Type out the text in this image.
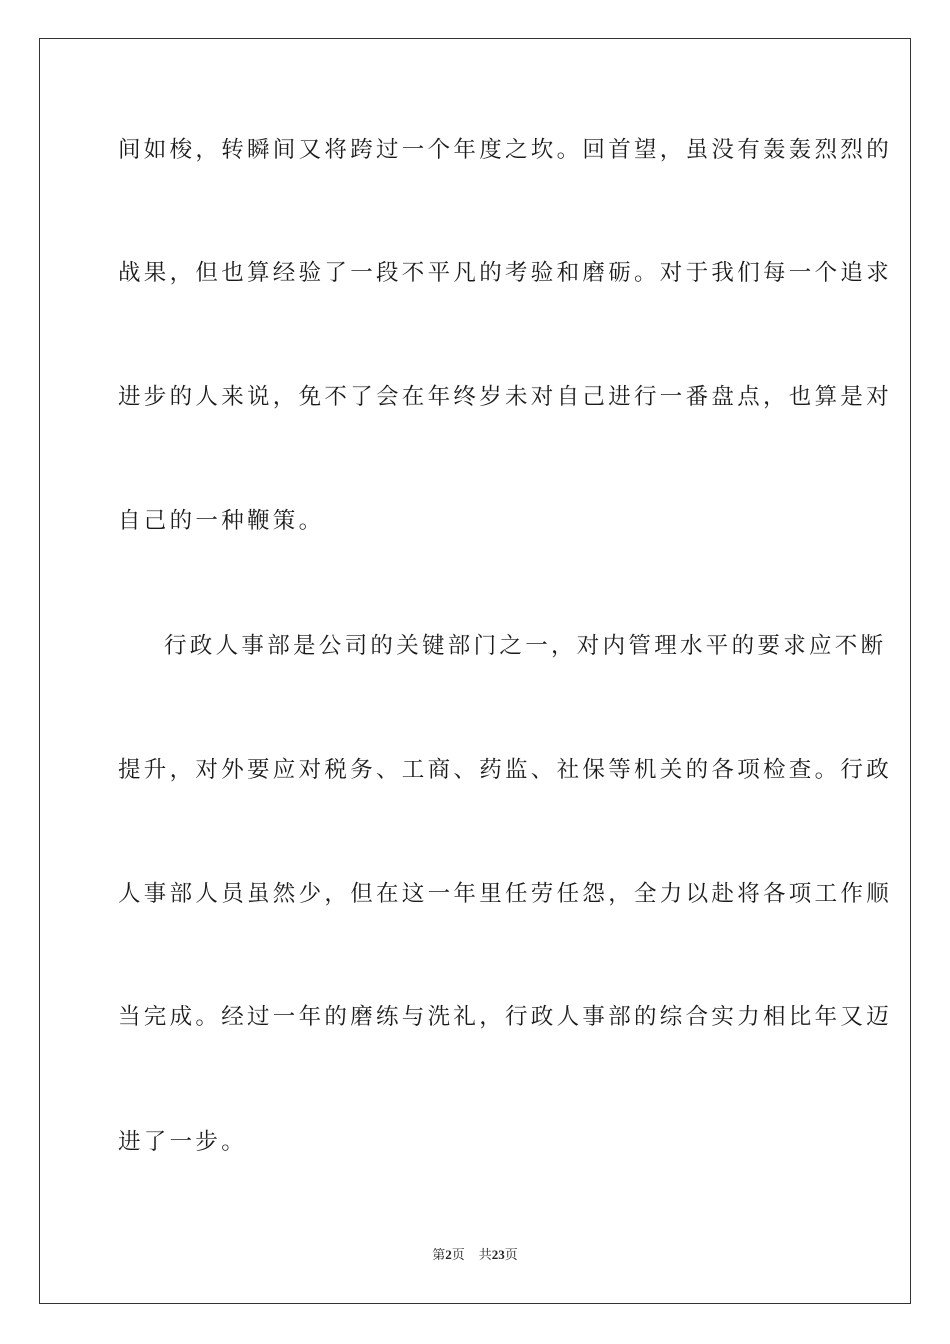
间如梭，转瞬间又将跨过一个年度之坎。回首望，虽没有轰轰烈烈的
战果，但也算经验了一段不平凡的考验和磨砺。对于我们每一个追求
进步的人来说，免不了会在年终岁未对自己进行一番盘点，也算是对
自己的一种鞭策。
行政人事部是公司的关键部门之一，对内管理水平的要求应不断
提升，对外要应对税务、工商、药监、社保等机关的各项检查。行政
人事部人员虽然少，但在这一年里任劳任怨，全力以赴将各项工作顺
当完成。经过一年的磨练与洗礼，行政人事部的综合实力相比年又迈
进了一步。
第2页 共23页
